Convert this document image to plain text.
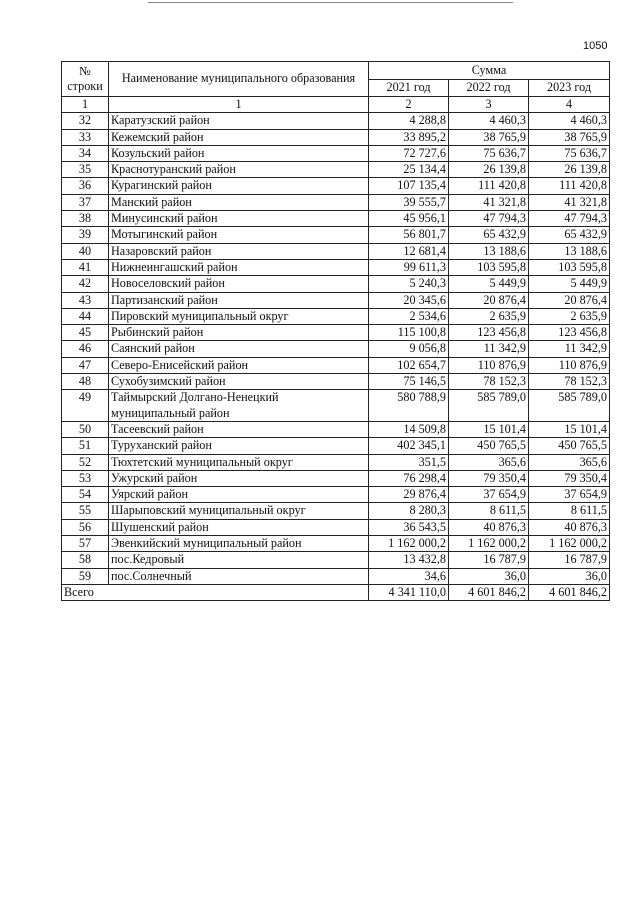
1050
№ строки	Наименование муниципального образования	Сумма		
		2021 год	2022 год	2023 год
1	1	2	3	4
32	Каратузский район	4 288,8	4 460,3	4 460,3
33	Кежемский район	33 895,2	38 765,9	38 765,9
34	Козульский район	72 727,6	75 636,7	75 636,7
35	Краснотуранский район	25 134,4	26 139,8	26 139,8
36	Курагинский район	107 135,4	111 420,8	111 420,8
37	Манский район	39 555,7	41 321,8	41 321,8
38	Минусинский район	45 956,1	47 794,3	47 794,3
39	Мотыгинский район	56 801,7	65 432,9	65 432,9
40	Назаровский район	12 681,4	13 188,6	13 188,6
41	Нижнеингашский район	99 611,3	103 595,8	103 595,8
42	Новоселовский район	5 240,3	5 449,9	5 449,9
43	Партизанский район	20 345,6	20 876,4	20 876,4
44	Пировский муниципальный округ	2 534,6	2 635,9	2 635,9
45	Рыбинский район	115 100,8	123 456,8	123 456,8
46	Саянский район	9 056,8	11 342,9	11 342,9
47	Северо-Енисейский район	102 654,7	110 876,9	110 876,9
48	Сухобузимский район	75 146,5	78 152,3	78 152,3
49	Таймырский Долгано-Ненецкий муниципальный район	580 788,9	585 789,0	585 789,0
50	Тасеевский район	14 509,8	15 101,4	15 101,4
51	Туруханский район	402 345,1	450 765,5	450 765,5
52	Тюхтетский муниципальный округ	351,5	365,6	365,6
53	Ужурский район	76 298,4	79 350,4	79 350,4
54	Уярский район	29 876,4	37 654,9	37 654,9
55	Шарыповский муниципальный округ	8 280,3	8 611,5	8 611,5
56	Шушенский район	36 543,5	40 876,3	40 876,3
57	Эвенкийский муниципальный район	1 162 000,2	1 162 000,2	1 162 000,2
58	пос.Кедровый	13 432,8	16 787,9	16 787,9
59	пос.Солнечный	34,6	36,0	36,0
Всего		4 341 110,0	4 601 846,2	4 601 846,2
